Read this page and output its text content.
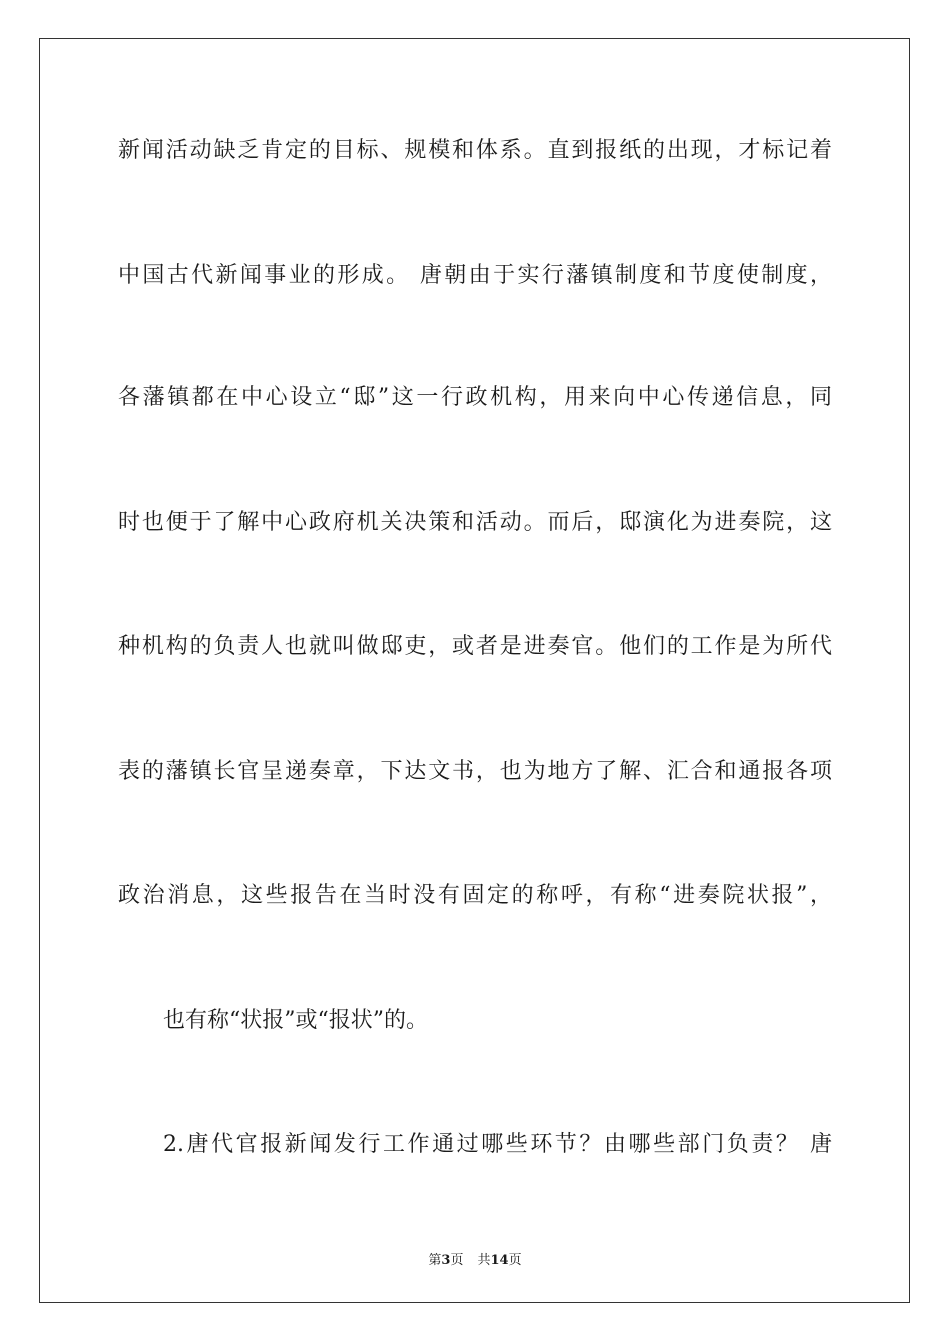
新闻活动缺乏肯定的目标、规模和体系。直到报纸的出现，才标记着
中国古代新闻事业的形成。 唐朝由于实行藩镇制度和节度使制度，
各藩镇都在中心设立“邸”这一行政机构，用来向中心传递信息，同
时也便于了解中心政府机关决策和活动。而后，邸演化为进奏院，这
种机构的负责人也就叫做邸吏，或者是进奏官。他们的工作是为所代
表的藩镇长官呈递奏章，下达文书，也为地方了解、汇合和通报各项
政治消息，这些报告在当时没有固定的称呼，有称“进奏院状报”，
也有称“状报”或“报状”的。
2.唐代官报新闻发行工作通过哪些环节？由哪些部门负责？ 唐
第3页 共14页
